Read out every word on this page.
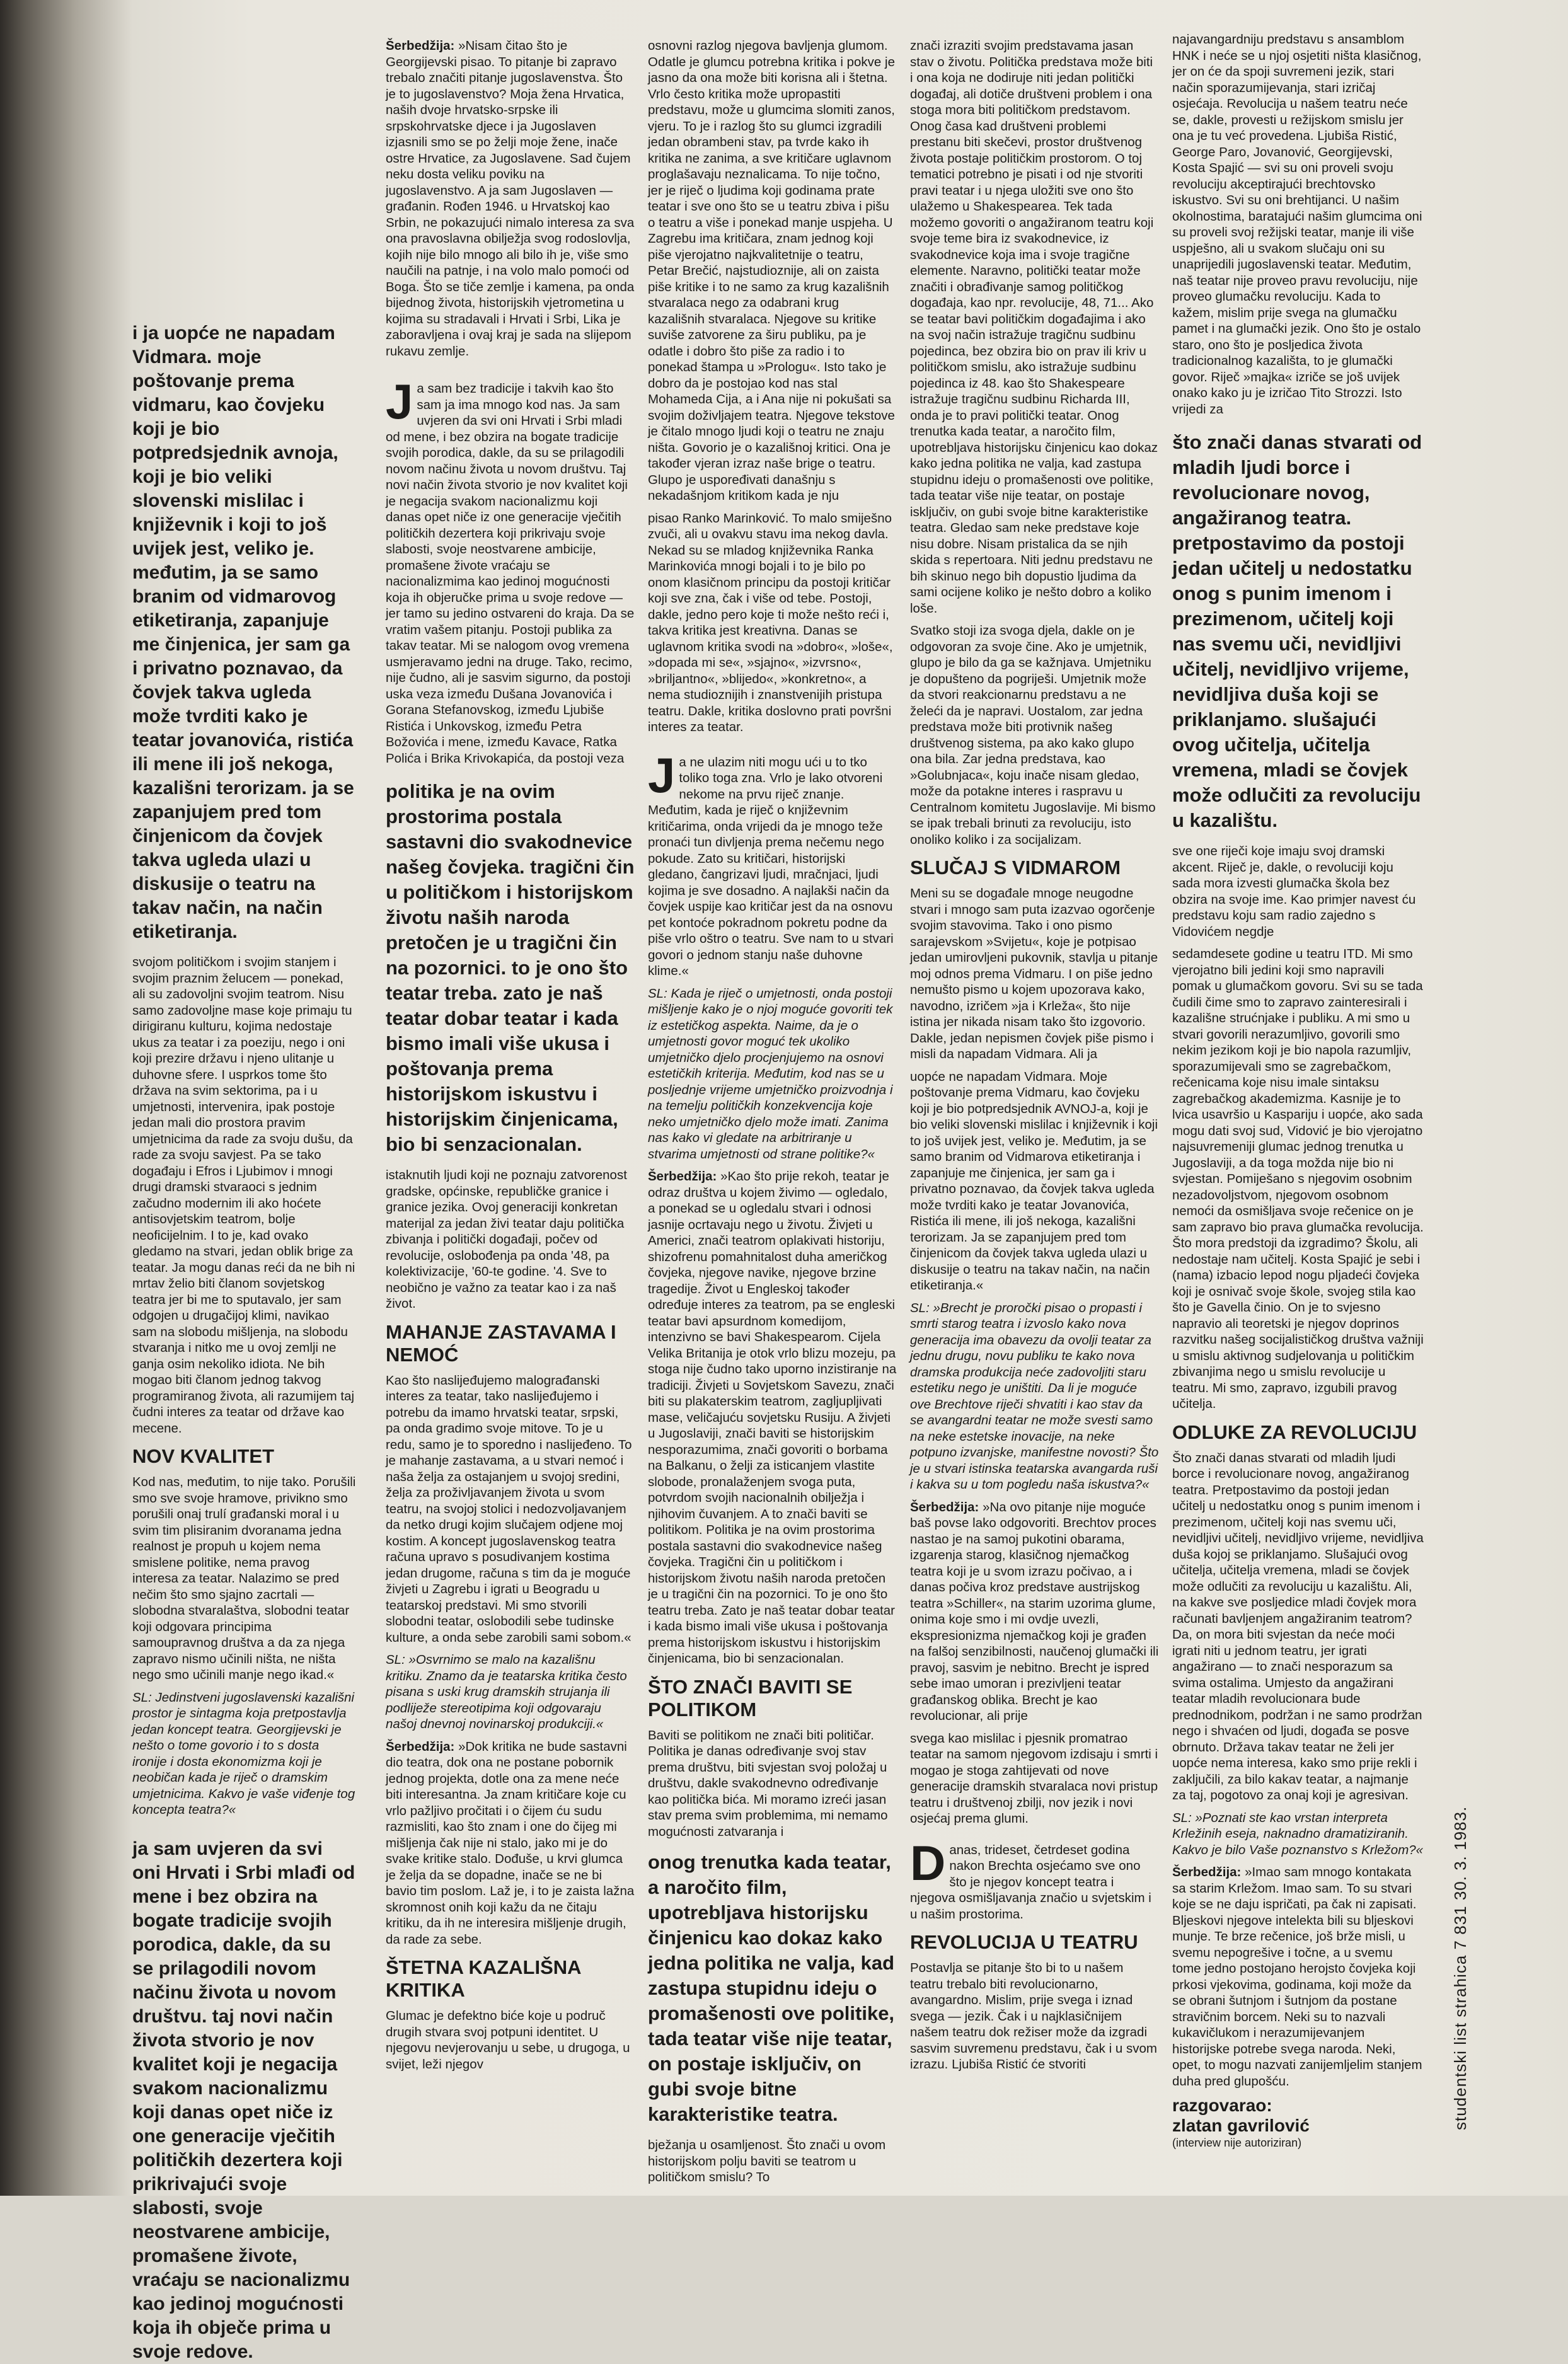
i ja uopće ne napadam Vidmara. moje poštovanje prema vidmaru, kao čovjeku koji je bio potpredsjednik avnoja, koji je bio veliki slovenski mislilac i književnik i koji to još uvijek jest, veliko je. međutim, ja se samo branim od vidmarovog etiketiranja, zapanjuje me činjenica, jer sam ga i privatno poznavao, da čovjek takva ugleda može tvrditi kako je teatar jovanovića, ristića ili mene ili još nekoga, kazališni terorizam. ja se zapanjujem pred tom činjenicom da čovjek takva ugleda ulazi u diskusije o teatru na takav način, na način etiketiranja.

svojom političkom i svojim stanjem i svojim praznim želucem — ponekad, ali su zadovoljni svojim teatrom. Nisu samo zadovoljne mase koje primaju tu dirigiranu kulturu, kojima nedostaje ukus za teatar i za poeziju, nego i oni koji prezire državu i njeno ulitanje u duhovne sfere. I usprkos tome što država na svim sektorima, pa i u umjetnosti, intervenira, ipak postoje jedan mali dio prostora pravim umjetnicima da rade za svoju dušu, da rade za svoju savjest. Pa se tako događaju i Efros i Ljubimov i mnogi drugi dramski stvaraoci s jednim začudno modernim ili ako hoćete antisovjetskim teatrom, bolje neoficijelnim. I to je, kad ovako gledamo na stvari, jedan oblik brige za teatar. Ja mogu danas reći da ne bih ni mrtav želio biti članom sovjetskog teatra jer bi me to sputavalo, jer sam odgojen u drugačijoj klimi, navikao sam na slobodu mišljenja, na slobodu stvaranja i nitko me u ovoj zemlji ne ganja osim nekoliko idiota. Ne bih mogao biti članom jednog takvog programiranog života, ali razumijem taj čudni interes za teatar od države kao mecene.

NOV KVALITET

Kod nas, međutim, to nije tako. Porušili smo sve svoje hramove, privikno smo porušili onaj trulí građanski moral i u svim tim plisiranim dvoranama jedna realnost je propuh u kojem nema smislene politike, nema pravog interesa za teatar. Nalazimo se pred nečim što smo sjajno zacrtali — slobodna stvaralaštva, slobodni teatar koji odgovara principima samoupravnog društva a da za njega zapravo nismo učinili ništa, ne ništa nego smo učinili manje nego ikad.«

SL: Jedinstveni jugoslavenski kazališni prostor je sintagma koja pretpostavlja jedan koncept teatra. Georgijevski je nešto o tome govorio i to s dosta ironije i dosta ekonomizma koji je neobičan kada je riječ o dramskim umjetnicima. Kakvo je vaše viđenje tog koncepta teatra?«

ja sam uvjeren da svi oni Hrvati i Srbi mlađi od mene i bez obzira na bogate tradicije svojih porodica, dakle, da su se prilagodili novom načinu života u novom društvu. taj novi način života stvorio je nov kvalitet koji je negacija svakom nacionalizmu koji danas opet niče iz one generacije vječitih političkih dezertera koji prikrivajući svoje slabosti, svoje neostvarene ambicije, promašene živote, vraćaju se nacionalizmu kao jedinoj mogućnosti koja ih obječe prima u svoje redove.

Šerbedžija: »Nisam čitao što je Georgijevski pisao. To pitanje bi zapravo trebalo značiti pitanje jugoslavenstva. Što je to jugoslavenstvo? Moja žena Hrvatica, naših dvoje hrvatsko-srpske ili srpskohrvatske djece i ja Jugoslaven izjasnili smo se po želji moje žene, inače ostre Hrvatice, za Jugoslavene. Sad čujem neku dosta veliku poviku na jugoslavenstvo. A ja sam Jugoslaven — građanin. Rođen 1946. u Hrvatskoj kao Srbin, ne pokazujući nimalo interesa za sva ona pravoslavna obilježja svog rodoslovlja, kojih nije bilo mnogo ali bilo ih je, više smo naučili na patnje, i na volo malo pomoći od Boga. Što se tiče zemlje i kamena, pa onda bijednog života, historijskih vjetrometina u kojima su stradavali i Hrvati i Srbi, Lika je zaboravljena i ovaj kraj je sada na slijepom rukavu zemlje.

Ja sam bez tradicije i takvih kao što sam ja ima mnogo kod nas. Ja sam uvjeren da svi oni Hrvati i Srbi mladi od mene, i bez obzira na bogate tradicije svojih porodica, dakle, da su se prilagodili novom načinu života u novom društvu. Taj novi način života stvorio je nov kvalitet koji je negacija svakom nacionalizmu koji danas opet niče iz one generacije vječitih političkih dezertera koji prikrivaju svoje slabosti, svoje neostvarene ambicije, promašene živote vraćaju se nacionalizmima kao jedinoj mogućnosti koja ih objeručke prima u svoje redove — jer tamo su jedino ostvareni do kraja. Da se vratim vašem pitanju. Postoji publika za takav teatar. Mi se nalogom ovog vremena usmjeravamo jedni na druge. Tako, recimo, nije čudno, ali je sasvim sigurno, da postoji uska veza između Dušana Jovanovića i Gorana Stefanovskog, između Ljubiše Ristića i Unkovskog, između Petra Božovića i mene, između Kavace, Ratka Polića i Brika Krivokapića, da postoji veza

politika je na ovim prostorima postala sastavni dio svakodnevice našeg čovjeka. tragični čin u političkom i historijskom životu naših naroda pretočen je u tragični čin na pozornici. to je ono što teatar treba. zato je naš teatar dobar teatar i kada bismo imali više ukusa i poštovanja prema historijskom iskustvu i historijskim činjenicama, bio bi senzacionalan.

istaknutih ljudi koji ne poznaju zatvorenost gradske, općinske, republičke granice i granice jezika. Ovoj generaciji konkretan materijal za jedan živi teatar daju politička zbivanja i politički događaji, počev od revolucije, oslobođenja pa onda '48, pa kolektivizacije, '60-te godine. '4. Sve to neobično je važno za teatar kao i za naš život.

MAHANJE ZASTAVAMA I NEMOĆ

Kao što naslijeđujemo malograđanski interes za teatar, tako naslijeđujemo i potrebu da imamo hrvatski teatar, srpski, pa onda gradimo svoje mitove. To je u redu, samo je to sporedno i naslijeđeno. To je mahanje zastavama, a u stvari nemoć i naša želja za ostajanjem u svojoj sredini, želja za proživljavanjem života u svom teatru, na svojoj stolici i nedozvoljavanjem da netko drugi kojim slučajem odjene moj kostim. A koncept jugoslavenskog teatra računa upravo s posudivanjem kostima jedan drugome, računa s tim da je moguće živjeti u Zagrebu i igrati u Beogradu u teatarskoj predstavi. Mi smo stvorili slobodni teatar, oslobodili sebe tudinske kulture, a onda sebe zarobili sami sobom.«

SL: »Osvrnimo se malo na kazališnu kritiku. Znamo da je teatarska kritika često pisana s uski krug dramskih strujanja ili podliježe stereotipima koji odgovaraju našoj dnevnoj novinarskoj produkciji.«

Šerbedžija: »Dok kritika ne bude sastavni dio teatra, dok ona ne postane pobornik jednog projekta, dotle ona za mene neće biti interesantna. Ja znam kritičare koje cu vrlo pažljivo pročitati i o čijem ću sudu razmisliti, kao što znam i one do čijeg mi mišljenja čak nije ni stalo, jako mi je do svake kritike stalo. Dođuše, u krvi glumca je želja da se dopadne, inače se ne bi bavio tim poslom. Laž je, i to je zaista lažna skromnost onih koji kažu da ne čitaju kritiku, da ih ne interesira mišljenje drugih, da rade za sebe.

ŠTETNA KAZALIŠNA KRITIKA

Glumac je defektno biće koje u područ drugih stvara svoj potpuni identitet. U njegovu nevjerovanju u sebe, u drugoga, u svijet, leži njegov

osnovni razlog njegova bavljenja glumom. Odatle je glumcu potrebna kritika i pokve je jasno da ona može biti korisna ali i štetna. Vrlo često kritika može upropastiti predstavu, može u glumcima slomiti zanos, vjeru. To je i razlog što su glumci izgradili jedan obrambeni stav, pa tvrde kako ih kritika ne zanima, a sve kritičare uglavnom proglašavaju neznalicama. To nije točno, jer je riječ o ljudima koji godinama prate teatar i sve ono što se u teatru zbiva i pišu o teatru a više i ponekad manje uspjeha. U Zagrebu ima kritičara, znam jednog koji piše vjerojatno najkvalitetnije o teatru, Petar Brečić, najstudioznije, ali on zaista piše kritike i to ne samo za krug kazališnih stvaralaca nego za odabrani krug kazališnih stvaralaca. Njegove su kritike suviše zatvorene za širu publiku, pa je odatle i dobro što piše za radio i to ponekad štampa u »Prologu«. Isto tako je dobro da je postojao kod nas stal Mohameda Cija, a i Ana nije ni pokušati sa svojim doživljajem teatra. Njegove tekstove je čitalo mnogo ljudi koji o teatru ne znaju ništa. Govorio je o kazališnoj kritici. Ona je također vjeran izraz naše brige o teatru. Glupo je uspoređivati današnju s nekadašnjom kritikom kada je nju

pisao Ranko Marinković. To malo smiješno zvuči, ali u ovakvu stavu ima nekog davla. Nekad su se mladog književnika Ranka Marinkovića mnogi bojali i to je bilo po onom klasičnom principu da postoji kritičar koji sve zna, čak i više od tebe. Postoji, dakle, jedno pero koje ti može nešto reći i, takva kritika jest kreativna. Danas se uglavnom kritika svodi na »dobro«, »loše«, »dopada mi se«, »sjajno«, »izvrsno«, »briljantno«, »blijedo«, »konkretno«, a nema studioznijih i znanstvenijih pristupa teatru. Dakle, kritika doslovno prati površni interes za teatar.

Ja ne ulazim niti mogu ući u to tko toliko toga zna. Vrlo je lako otvoreni nekome na prvu riječ znanje. Međutim, kada je riječ o književnim kritičarima, onda vrijedi da je mnogo teže pronaći tun divljenja prema nečemu nego pokude. Zato su kritičari, historijski gledano, čangrizavi ljudi, mračnjaci, ljudi kojima je sve dosadno. A najlakši način da čovjek uspije kao kritičar jest da na osnovu pet kontoće pokradnom pokretu podne da piše vrlo oštro o teatru. Sve nam to u stvari govori o jednom stanju naše duhovne klime.«

SL: Kada je riječ o umjetnosti, onda postoji mišljenje kako je o njoj moguće govoriti tek iz estetičkog aspekta. Naime, da je o umjetnosti govor moguć tek ukoliko umjetničko djelo procjenjujemo na osnovi estetičkih kriterija. Međutim, kod nas se u posljednje vrijeme umjetničko proizvodnja i na temelju političkih konzekvencija koje neko umjetničko djelo može imati. Zanima nas kako vi gledate na arbitriranje u stvarima umjetnosti od strane politike?«

Šerbedžija: »Kao što prije rekoh, teatar je odraz društva u kojem živimo — ogledalo, a ponekad se u ogledalu stvari i odnosi jasnije ocrtavaju nego u životu. Živjeti u Americi, znači teatrom oplakivati historiju, shizofrenu pomahnitalost duha američkog čovjeka, njegove navike, njegove brzine tragedije. Život u Engleskoj također određuje interes za teatrom, pa se engleski teatar bavi apsurdnom komedijom, intenzivno se bavi Shakespearom. Cijela Velika Britanija je otok vrlo blizu mozeju, pa stoga nije čudno tako uporno inzistiranje na tradiciji. Živjeti u Sovjetskom Savezu, znači biti su plakaterskim teatrom, zagljupljivati mase, veličajuću sovjetsku Rusiju. A živjeti u Jugoslaviji, znači baviti se historijskim nesporazumima, znači govoriti o borbama na Balkanu, o želji za isticanjem vlastite slobode, pronalaženjem svoga puta, potvrdom svojih nacionalnih obilježja i njihovim čuvanjem. A to znači baviti se politikom. Politika je na ovim prostorima postala sastavni dio svakodnevice našeg čovjeka. Tragični čin u političkom i historijskom životu naših naroda pretočen je u tragični čin na pozornici. To je ono što teatru treba. Zato je naš teatar dobar teatar i kada bismo imali više ukusa i poštovanja prema historijskom iskustvu i historijskim činjenicama, bio bi senzacionalan.

ŠTO ZNAČI BAVITI SE POLITIKOM

Baviti se politikom ne znači biti političar. Politika je danas određivanje svoj stav prema društvu, biti svjestan svoj položaj u društvu, dakle svakodnevno određivanje kao politička bića. Mi moramo izreći jasan stav prema svim problemima, mi nemamo mogućnosti zatvaranja i

onog trenutka kada teatar, a naročito film, upotrebljava historijsku činjenicu kao dokaz kako jedna politika ne valja, kad zastupa stupidnu ideju o promašenosti ove politike, tada teatar više nije teatar, on postaje isključiv, on gubi svoje bitne karakteristike teatra.

bježanja u osamljenost. Što znači u ovom historijskom polju baviti se teatrom u političkom smislu? To

znači izraziti svojim predstavama jasan stav o životu. Politička predstava može biti i ona koja ne dodiruje niti jedan politički događaj, ali dotiče društveni problem i ona stoga mora biti političkom predstavom. Onog časa kad društveni problemi prestanu biti skečevi, prostor društvenog života postaje političkim prostorom. O toj tematici potrebno je pisati i od nje stvoriti pravi teatar i u njega uložiti sve ono što ulažemo u Shakespearea. Tek tada možemo govoriti o angažiranom teatru koji svoje teme bira iz svakodnevice, iz svakodnevice koja ima i svoje tragične elemente. Naravno, politički teatar može značiti i obrađivanje samog političkog događaja, kao npr. revolucije, 48, 71... Ako se teatar bavi političkim događajima i ako na svoj način istražuje tragičnu sudbinu pojedinca, bez obzira bio on prav ili kriv u političkom smislu, ako istražuje sudbinu pojedinca iz 48. kao što Shakespeare istražuje tragičnu sudbinu Richarda III, onda je to pravi politički teatar. Onog trenutka kada teatar, a naročito film, upotrebljava historijsku činjenicu kao dokaz kako jedna politika ne valja, kad zastupa stupidnu ideju o promašenosti ove politike, tada teatar više nije teatar, on postaje isključiv, on gubi svoje bitne karakteristike teatra. Gledao sam neke predstave koje nisu dobre. Nisam pristalica da se njih skida s repertoara. Niti jednu predstavu ne bih skinuo nego bih dopustio ljudima da sami ocijene koliko je nešto dobro a koliko loše.

Svatko stoji iza svoga djela, dakle on je odgovoran za svoje čine. Ako je umjetnik, glupo je bilo da ga se kažnjava. Umjetniku je dopušteno da pogriješi. Umjetnik može da stvori reakcionarnu predstavu a ne želeći da je napravi. Uostalom, zar jedna predstava može biti protivnik našeg društvenog sistema, pa ako kako glupo ona bila. Zar jedna predstava, kao »Golubnjaca«, koju inače nisam gledao, može da potakne interes i raspravu u Centralnom komitetu Jugoslavije. Mi bismo se ipak trebali brinuti za revoluciju, isto onoliko koliko i za socijalizam.

SLUČAJ S VIDMAROM

Meni su se događale mnoge neugodne stvari i mnogo sam puta izazvao ogorčenje svojim stavovima. Tako i ono pismo sarajevskom »Svijetu«, koje je potpisao jedan umirovljeni pukovnik, stavlja u pitanje moj odnos prema Vidmaru. I on piše jedno nemušto pismo u kojem upozorava kako, navodno, izričem »ja i Krleža«, što nije istina jer nikada nisam tako što izgovorio. Dakle, jedan nepismen čovjek piše pismo i misli da napadam Vidmara. Ali ja

uopće ne napadam Vidmara. Moje poštovanje prema Vidmaru, kao čovjeku koji je bio potpredsjednik AVNOJ-a, koji je bio veliki slovenski mislilac i književnik i koji to još uvijek jest, veliko je. Međutim, ja se samo branim od Vidmarova etiketiranja i zapanjuje me činjenica, jer sam ga i privatno poznavao, da čovjek takva ugleda može tvrditi kako je teatar Jovanovića, Ristića ili mene, ili još nekoga, kazališni terorizam. Ja se zapanjujem pred tom činjenicom da čovjek takva ugleda ulazi u diskusije o teatru na takav način, na način etiketiranja.«

SL: »Brecht je proročki pisao o propasti i smrti starog teatra i izvoslo kako nova generacija ima obavezu da ovolji teatar za jednu drugu, novu publiku te kako nova dramska produkcija neće zadovoljiti staru estetiku nego je uništiti. Da li je moguće ove Brechtove riječi shvatiti i kao stav da se avangardni teatar ne može svesti samo na neke estetske inovacije, na neke potpuno izvanjske, manifestne novosti? Što je u stvari istinska teatarska avangarda ruši i kakva su u tom pogledu naša iskustva?«

Šerbedžija: »Na ovo pitanje nije moguće baš povse lako odgovoriti. Brechtov proces nastao je na samoj pukotini obarama, izgarenja starog, klasičnog njemačkog teatra koji je u svom izrazu počivao, a i danas počiva kroz predstave austrijskog teatra »Schiller«, na starim uzorima glume, onima koje smo i mi ovdje uvezli, ekspresionizma njemačkog koji je građen na falšoj senzibilnosti, naučenoj glumački ili pravoj, sasvim je nebitno. Brecht je ispred sebe imao umoran i prezivljeni teatar građanskog oblika. Brecht je kao revolucionar, ali prije

svega kao mislilac i pjesnik promatrao teatar na samom njegovom izdisaju i smrti i mogao je stoga zahtijevati od nove generacije dramskih stvaralaca novi pristup teatru i društvenoj zbilji, nov jezik i novi osjećaj prema glumi.

Danas, trideset, četrdeset godina nakon Brechta osjećamo sve ono što je njegov koncept teatra i njegova osmišljavanja značio u svjetskim i u našim prostorima.

REVOLUCIJA U TEATRU

Postavlja se pitanje što bi to u našem teatru trebalo biti revolucionarno, avangardno. Mislim, prije svega i iznad svega — jezik. Čak i u najklasičnijem našem teatru dok režiser može da izgradi sasvim suvremenu predstavu, čak i u svom izrazu. Ljubiša Ristić će stvoriti

najavangardniju predstavu s ansamblom HNK i neće se u njoj osjetiti ništa klasičnog, jer on će da spoji suvremeni jezik, stari način sporazumijevanja, stari izričaj osjećaja. Revolucija u našem teatru neće se, dakle, provesti u režijskom smislu jer ona je tu već provedena. Ljubiša Ristić, George Paro, Jovanović, Georgijevski, Kosta Spajić — svi su oni proveli svoju revoluciju akceptirajući brechtovsko iskustvo. Svi su oni brehtijanci. U našim okolnostima, baratajući našim glumcima oni su proveli svoj režijski teatar, manje ili više uspješno, ali u svakom slučaju oni su unaprijedili jugoslavenski teatar. Međutim, naš teatar nije proveo pravu revoluciju, nije proveo glumačku revoluciju. Kada to kažem, mislim prije svega na glumačku pamet i na glumački jezik. Ono što je ostalo staro, ono što je posljedica života tradicionalnog kazališta, to je glumački govor. Riječ »majka« izriče se još uvijek onako kako ju je izričao Tito Strozzi. Isto vrijedi za

što znači danas stvarati od mladih ljudi borce i revolucionare novog, angažiranog teatra. pretpostavimo da postoji jedan učitelj u nedostatku onog s punim imenom i prezimenom, učitelj koji nas svemu uči, nevidljivi učitelj, nevidljivo vrijeme, nevidljiva duša koji se priklanjamo. slušajući ovog učitelja, učitelja vremena, mladi se čovjek može odlučiti za revoluciju u kazalištu.

sve one riječi koje imaju svoj dramski akcent. Riječ je, dakle, o revoluciji koju sada mora izvesti glumačka škola bez obzira na svoje ime. Kao primjer navest ću predstavu koju sam radio zajedno s Vidovićem negdje

sedamdesete godine u teatru ITD. Mi smo vjerojatno bili jedini koji smo napravili pomak u glumačkom govoru. Svi su se tada čudili čime smo to zapravo zainteresirali i kazališne strućnjake i publiku. A mi smo u stvari govorili nerazumljivo, govorili smo nekim jezikom koji je bio napola razumljiv, sporazumijevali smo se zagrebačkom, rečenicama koje nisu imale sintaksu zagrebačkog akademizma. Kasnije je to lvica usavršio u Kaspariju i uopće, ako sada mogu dati svoj sud, Vidović je bio vjerojatno najsuvremeniji glumac jednog trenutka u Jugoslaviji, a da toga možda nije bio ni svjestan. Pomiješano s njegovim osobnim nezadovoljstvom, njegovom osobnom nemoći da osmišljava svoje rečenice on je sam zapravo bio prava glumačka revolucija. Što mora predstoji da izgradimo? Školu, ali nedostaje nam učitelj. Kosta Spajić je sebi i (nama) izbacio lepod nogu pljadeći čovjeka koji je osnivač svoje škole, svojeg stila kao što je Gavella činio. On je to svjesno napravio ali teoretski je njegov doprinos razvitku našeg socijalističkog društva važniji u smislu aktivnog sudjelovanja u političkim zbivanjima nego u smislu revolucije u teatru. Mi smo, zapravo, izgubili pravog učitelja.

ODLUKE ZA REVOLUCIJU

Što znači danas stvarati od mladih ljudi borce i revolucionare novog, angažiranog teatra. Pretpostavimo da postoji jedan učitelj u nedostatku onog s punim imenom i prezimenom, učitelj koji nas svemu uči, nevidljivi učitelj, nevidljivo vrijeme, nevidljiva duša kojoj se priklanjamo. Slušajući ovog učitelja, učitelja vremena, mladi se čovjek može odlučiti za revoluciju u kazalištu. Ali, na kakve sve posljedice mladi čovjek mora računati bavljenjem angažiranim teatrom? Da, on mora biti svjestan da neće moći igrati niti u jednom teatru, jer igrati angažirano — to znači nesporazum sa svima ostalima. Umjesto da angažirani teatar mladih revolucionara bude prednodnikom, podržan i ne samo prodržan nego i shvaćen od ljudi, događa se posve obrnuto. Država takav teatar ne želi jer uopće nema interesa, kako smo prije rekli i zaključili, za bilo kakav teatar, a najmanje za taj, pogotovo za onaj koji je agresivan.

SL: »Poznati ste kao vrstan interpreta Krležinih eseja, naknadno dramatiziranih. Kakvo je bilo Vaše poznanstvo s Krležom?«

Šerbedžija: »Imao sam mnogo kontakata sa starim Krležom. Imao sam. To su stvari koje se ne daju ispričati, pa čak ni zapisati. Bljeskovi njegove intelekta bili su bljeskovi munje. Te brze rečenice, još brže misli, u svemu nepogrešive i točne, a u svemu tome jedno postojano herojsto čovjeka koji prkosi vjekovima, godinama, koji može da se obrani šutnjom i šutnjom da postane stravičnim borcem. Neki su to nazvali kukavičlukom i nerazumijevanjem historijske potrebe svega naroda. Neki, opet, to mogu nazvati zanijemljelim stanjem duha pred glupošću.

razgovarao:
zlatan gavrilović
(interview nije autoriziran)
studentski list strahica 7 831 30. 3. 1983.
